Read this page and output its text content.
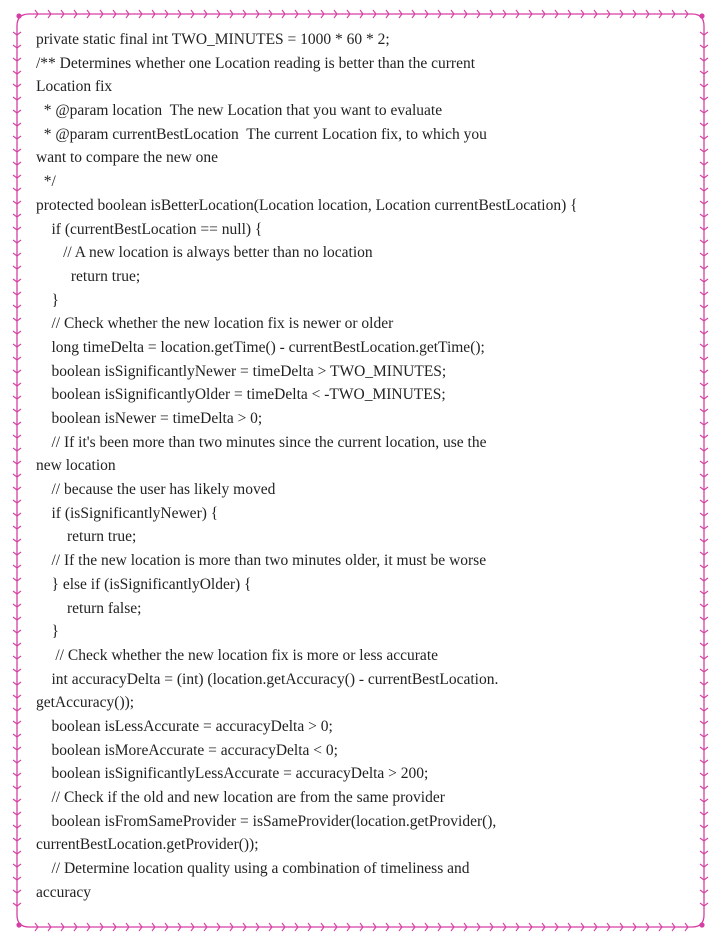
private static final int TWO_MINUTES = 1000 * 60 * 2;
/** Determines whether one Location reading is better than the current
Location fix
* @param location  The new Location that you want to evaluate
* @param currentBestLocation  The current Location fix, to which you
want to compare the new one
*/
protected boolean isBetterLocation(Location location, Location currentBestLocation) {
if (currentBestLocation == null) {
// A new location is always better than no location
return true;
}
// Check whether the new location fix is newer or older
long timeDelta = location.getTime() - currentBestLocation.getTime();
boolean isSignificantlyNewer = timeDelta > TWO_MINUTES;
boolean isSignificantlyOlder = timeDelta < -TWO_MINUTES;
boolean isNewer = timeDelta > 0;
// If it's been more than two minutes since the current location, use the
new location
// because the user has likely moved
if (isSignificantlyNewer) {
return true;
// If the new location is more than two minutes older, it must be worse
} else if (isSignificantlyOlder) {
return false;
}
// Check whether the new location fix is more or less accurate
int accuracyDelta = (int) (location.getAccuracy() - currentBestLocation.
getAccuracy());
boolean isLessAccurate = accuracyDelta > 0;
boolean isMoreAccurate = accuracyDelta < 0;
boolean isSignificantlyLessAccurate = accuracyDelta > 200;
// Check if the old and new location are from the same provider
boolean isFromSameProvider = isSameProvider(location.getProvider(),
currentBestLocation.getProvider());
// Determine location quality using a combination of timeliness and
accuracy
